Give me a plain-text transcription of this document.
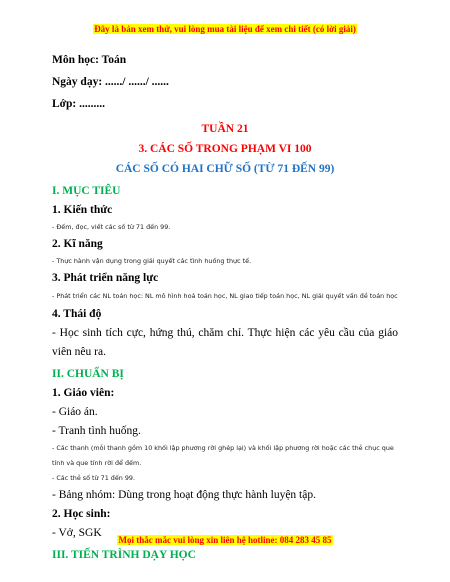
Đây là bản xem thử, vui lòng mua tài liệu để xem chi tiết (có lời giải)
Môn học: Toán
Ngày dạy: ....../ ....../ ......
Lớp: .........
TUẦN 21
3. CÁC SỐ TRONG PHẠM VI 100
CÁC SỐ CÓ HAI CHỮ SỐ (TỪ 71 ĐẾN 99)
I. MỤC TIÊU
1. Kiến thức
- Đếm, đọc, viết các số từ 71 đến 99.
2. Kĩ năng
- Thực hành vận dụng trong giải quyết các tình huống thực tế.
3. Phát triển năng lực
- Phát triển các NL toán học: NL mô hình hoá toán học, NL giao tiếp toán học, NL giải quyết vấn đề toán học
4. Thái độ
- Học sinh tích cực, hứng thú, chăm chỉ. Thực hiện các yêu cầu của giáo viên nêu ra.
II. CHUẨN BỊ
1. Giáo viên:
- Giáo án.
- Tranh tình huống.
- Các thanh (mỗi thanh gồm 10 khối lập phương rời ghép lại) và khối lập phương rời hoặc các thẻ chục que tính và que tính rời để đếm.
- Các thẻ số từ 71 đến 99.
- Bảng nhóm: Dùng trong hoạt động thực hành luyện tập.
2. Học sinh:
- Vở, SGK
III. TIẾN TRÌNH DẠY HỌC
Mọi thắc mắc vui lòng xin liên hệ hotline: 084 283 45 85
